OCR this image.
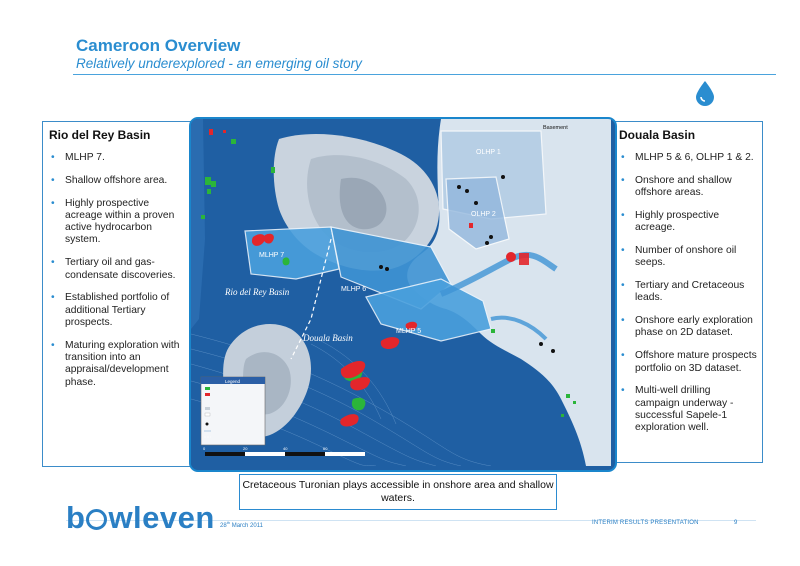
Cameroon Overview
Relatively underexplored - an emerging oil story
Rio del Rey Basin
• MLHP 7.
• Shallow offshore area.
• Highly prospective acreage within a proven active hydrocarbon system.
• Tertiary oil and gas-condensate discoveries.
• Established portfolio of additional Tertiary prospects.
• Maturing exploration with transition into an appraisal/development phase.
Douala Basin
• MLHP 5 & 6, OLHP 1 & 2.
• Onshore and shallow offshore areas.
• Highly prospective acreage.
• Number of onshore oil seeps.
• Tertiary and Cretaceous leads.
• Onshore early exploration phase on 2D dataset.
• Offshore mature prospects portfolio on 3D dataset.
• Multi-well drilling campaign underway - successful Sapele-1 exploration well.
OLHP 1
OLHP 2
MLHP 7
MLHP 6
MLHP 5
Basement
Rio del Rey Basin
Douala Basin
Legend
0	20	40	60
Cretaceous Turonian plays accessible in onshore area and shallow waters.
b wleven 28th March 2011	INTERIM RESULTS PRESENTATION	9
